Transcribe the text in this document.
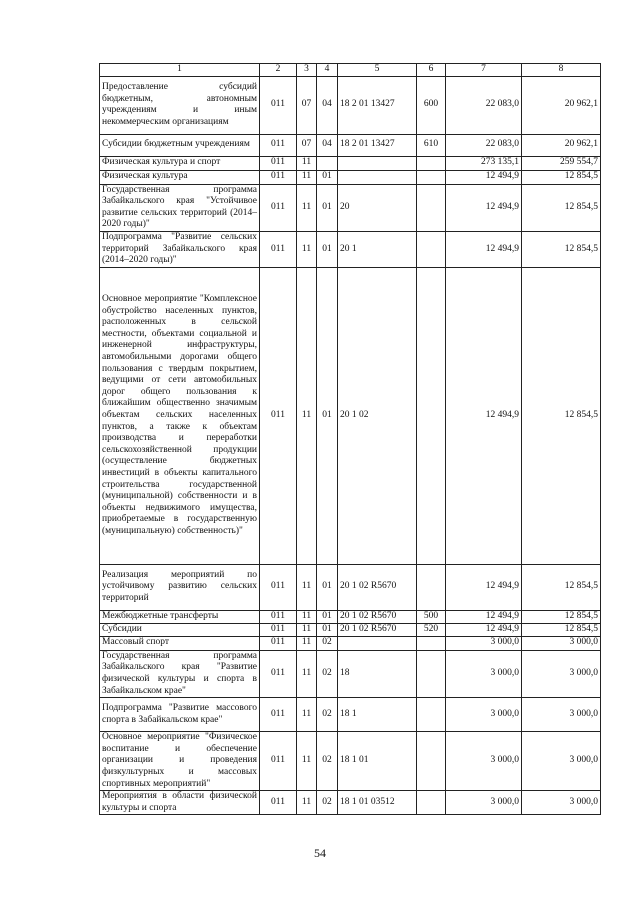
1	2	3	4	5	6	7	8
Предоставление субсидий бюджетным, автономным учреждениям и иным некоммерческим организациям	011	07	04	18 2 01 13427	600	22 083,0	20 962,1
Субсидии бюджетным учреждениям	011	07	04	18 2 01 13427	610	22 083,0	20 962,1
Физическая культура и спорт	011	11				273 135,1	259 554,7
Физическая культура	011	11	01			12 494,9	12 854,5
Государственная программа Забайкальского края "Устойчивое развитие сельских территорий (2014–2020 годы)"	011	11	01	20		12 494,9	12 854,5
Подпрограмма "Развитие сельских территорий Забайкальского края (2014–2020 годы)"	011	11	01	20 1		12 494,9	12 854,5
Основное мероприятие "Комплексное обустройство населенных пунктов, расположенных в сельской местности, объектами социальной и инженерной инфраструктуры, автомобильными дорогами общего пользования с твердым покрытием, ведущими от сети автомобильных дорог общего пользования к ближайшим общественно значимым объектам сельских населенных пунктов, а также к объектам производства и переработки сельскохозяйственной продукции (осуществление бюджетных инвестиций в объекты капитального строительства государственной (муниципальной) собственности и в объекты недвижимого имущества, приобретаемые в государственную (муниципальную) собственность)"	011	11	01	20 1 02		12 494,9	12 854,5
Реализация мероприятий по устойчивому развитию сельских территорий	011	11	01	20 1 02 R5670		12 494,9	12 854,5
Межбюджетные трансферты	011	11	01	20 1 02 R5670	500	12 494,9	12 854,5
Субсидии	011	11	01	20 1 02 R5670	520	12 494,9	12 854,5
Массовый спорт	011	11	02			3 000,0	3 000,0
Государственная программа Забайкальского края "Развитие физической культуры и спорта в Забайкальском крае"	011	11	02	18		3 000,0	3 000,0
Подпрограмма "Развитие массового спорта в Забайкальском крае"	011	11	02	18 1		3 000,0	3 000,0
Основное мероприятие "Физическое воспитание и обеспечение организации и проведения физкультурных и массовых спортивных мероприятий"	011	11	02	18 1 01		3 000,0	3 000,0
Мероприятия в области физической культуры и спорта	011	11	02	18 1 01 03512		3 000,0	3 000,0
54
